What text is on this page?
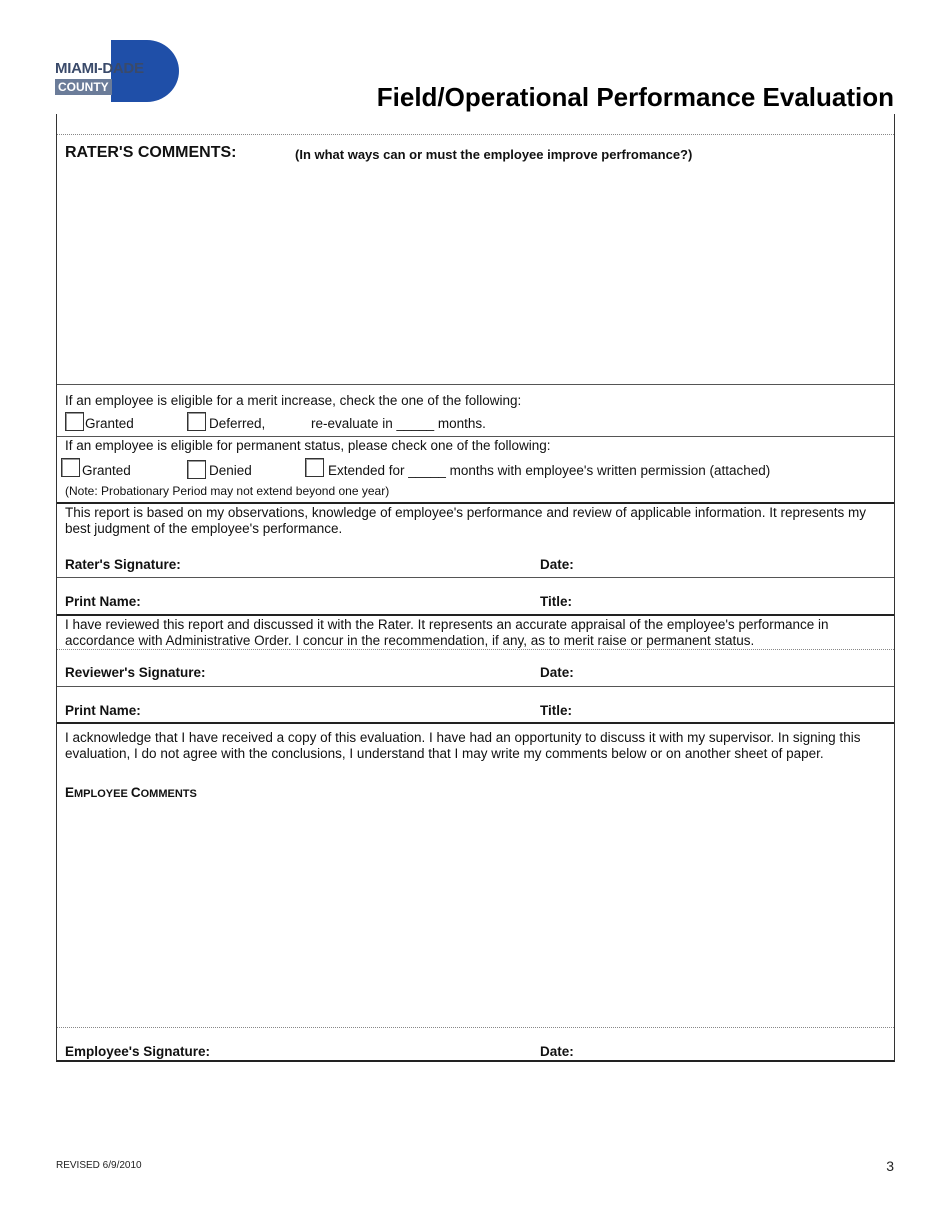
MIAMI-DADE
COUNTY	Field/Operational Performance Evaluation
RATER'S COMMENTS:	(In what ways can or must the employee improve perfromance?)
If an employee is eligible for a merit increase, check the one of the following:
Granted	Deferred,	re-evaluate in _____ months.
If an employee is eligible for permanent status, please check one of the following:
Granted	Denied	Extended for _____ months with employee's written permission (attached)
(Note: Probationary Period may not extend beyond one year)
This report is based on my observations, knowledge of employee's performance and review of applicable information. It represents my best judgment of the employee's performance.
Rater's Signature:	Date:
Print Name:	Title:
I have reviewed this report and discussed it with the Rater. It represents an accurate appraisal of the employee's performance in accordance with Administrative Order. I concur in the recommendation, if any, as to merit raise or permanent status.
Reviewer's Signature:	Date:
Print Name:	Title:
I acknowledge that I have received a copy of this evaluation. I have had an opportunity to discuss it with my supervisor. In signing this evaluation, I do not agree with the conclusions, I understand that I may write my comments below or on another sheet of paper.
EMPLOYEE COMMENTS
Employee's Signature:	Date:
REVISED 6/9/2010	3
